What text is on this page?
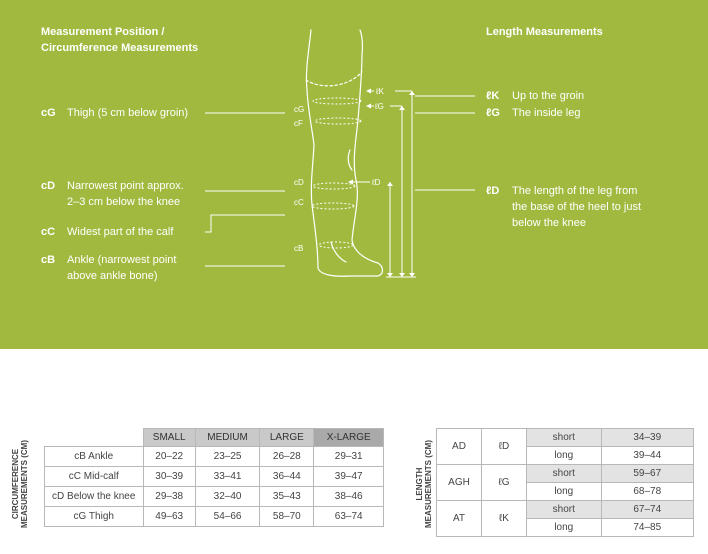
Measurement Position /
Circumference Measurements
Length Measurements
cG Thigh (5 cm below groin)
cD Narrowest point approx.
2–3 cm below the knee
cC Widest part of the calf
cB Ankle (narrowest point
above ankle bone)
ℓK Up to the groin
ℓG The inside leg
ℓD The length of the leg from
the base of the heel to just
below the knee
cG
cF
cD
cC
cB
ℓK
ℓG
ℓD
CIRCUMFERENCE MEASUREMENTS (CM)
	SMALL	MEDIUM	LARGE	X-LARGE
cB Ankle	20–22	23–25	26–28	29–31
cC Mid-calf	30–39	33–41	36–44	39–47
cD Below the knee	29–38	32–40	35–43	38–46
cG Thigh	49–63	54–66	58–70	63–74
LENGTH MEASUREMENTS (CM) AD	ℓD	short	34–39
		long	39–44
AGH	ℓG	short	59–67
		long	68–78
AT	ℓK	short	67–74
		long	74–85
